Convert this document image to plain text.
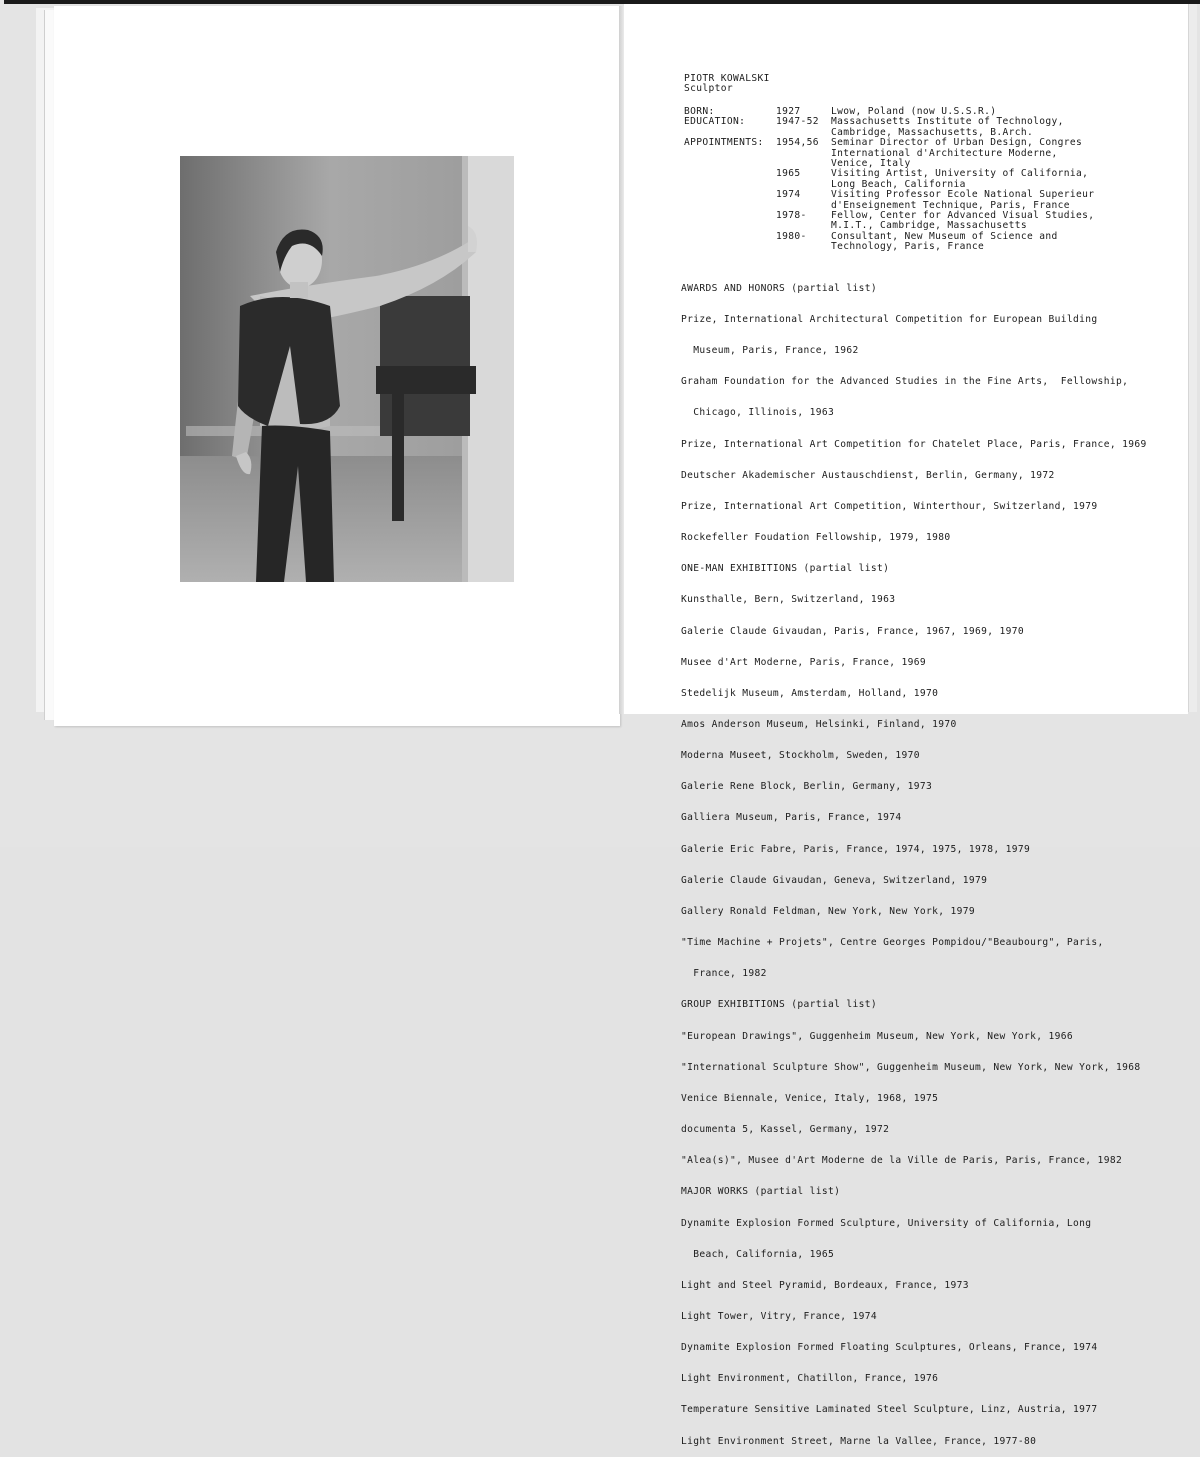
PIOTR KOWALSKI
Sculptor
BORN:	1927	Lwow, Poland (now U.S.S.R.)
EDUCATION:	1947-52 Massachusetts Institute of Technology,
Cambridge, Massachusetts, B.Arch.
APPOINTMENTS: 1954,56 Seminar Director of Urban Design, Congres
International d'Architecture Moderne,
Venice, Italy
1965	Visiting Artist, University of California,
Long Beach, California
1974	Visiting Professor Ecole National Superieur
d'Enseignement Technique, Paris, France
1978-	Fellow, Center for Advanced Visual Studies,
M.I.T., Cambridge, Massachusetts
1980-	Consultant, New Museum of Science and
Technology, Paris, France

AWARDS AND HONORS (partial list)

Prize, International Architectural Competition for European Building

Museum, Paris, France, 1962

Graham Foundation for the Advanced Studies in the Fine Arts,  Fellowship,

Chicago, Illinois, 1963

Prize, International Art Competition for Chatelet Place, Paris, France, 1969

Deutscher Akademischer Austauschdienst, Berlin, Germany, 1972

Prize, International Art Competition, Winterthour, Switzerland, 1979

Rockefeller Foudation Fellowship, 1979, 1980

ONE-MAN EXHIBITIONS (partial list)

Kunsthalle, Bern, Switzerland, 1963

Galerie Claude Givaudan, Paris, France, 1967, 1969, 1970

Musee d'Art Moderne, Paris, France, 1969

Stedelijk Museum, Amsterdam, Holland, 1970

Amos Anderson Museum, Helsinki, Finland, 1970

Moderna Museet, Stockholm, Sweden, 1970

Galerie Rene Block, Berlin, Germany, 1973

Galliera Museum, Paris, France, 1974

Galerie Eric Fabre, Paris, France, 1974, 1975, 1978, 1979

Galerie Claude Givaudan, Geneva, Switzerland, 1979

Gallery Ronald Feldman, New York, New York, 1979

"Time Machine + Projets", Centre Georges Pompidou/"Beaubourg", Paris,

France, 1982

GROUP EXHIBITIONS (partial list)

"European Drawings", Guggenheim Museum, New York, New York, 1966

"International Sculpture Show", Guggenheim Museum, New York, New York, 1968

Venice Biennale, Venice, Italy, 1968, 1975

documenta 5, Kassel, Germany, 1972

"Alea(s)", Musee d'Art Moderne de la Ville de Paris, Paris, France, 1982

MAJOR WORKS (partial list)

Dynamite Explosion Formed Sculpture, University of California, Long

Beach, California, 1965

Light and Steel Pyramid, Bordeaux, France, 1973

Light Tower, Vitry, France, 1974

Dynamite Explosion Formed Floating Sculptures, Orleans, France, 1974

Light Environment, Chatillon, France, 1976

Temperature Sensitive Laminated Steel Sculpture, Linz, Austria, 1977

Light Environment Street, Marne la Vallee, France, 1977-80
